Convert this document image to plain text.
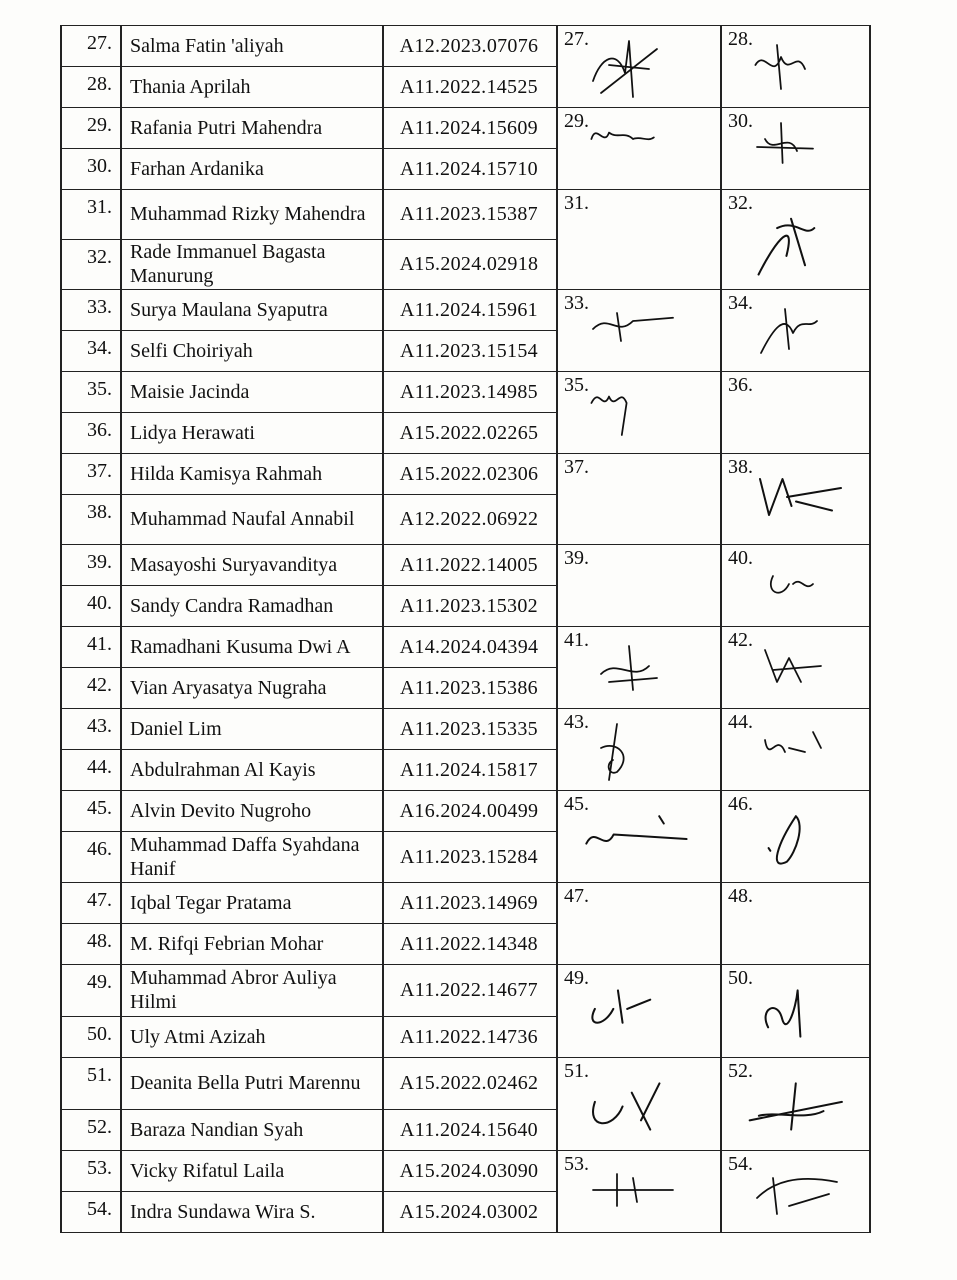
27. Salma Fatin 'aliyah	A12.2023.07076
28. Thania Aprilah	A11.2022.14525
29. Rafania Putri Mahendra	A11.2024.15609
30. Farhan Ardanika	A11.2024.15710
31. Muhammad Rizky Mahendra	A11.2023.15387
32. Rade Immanuel Bagasta Manurung
A15.2024.02918
33. Surya Maulana Syaputra	A11.2024.15961
34. Selfi Choiriyah	A11.2023.15154
35. Maisie Jacinda	A11.2023.14985
36. Lidya Herawati	A15.2022.02265
37. Hilda Kamisya Rahmah	A15.2022.02306
38. Muhammad Naufal Annabil	A12.2022.06922
39. Masayoshi Suryavanditya	A11.2022.14005
40. Sandy Candra Ramadhan	A11.2023.15302
41. Ramadhani Kusuma Dwi A	A14.2024.04394
42. Vian Aryasatya Nugraha	A11.2023.15386
43. Daniel Lim	A11.2023.15335
44. Abdulrahman Al Kayis	A11.2024.15817
45. Alvin Devito Nugroho	A16.2024.00499
46. Muhammad Daffa Syahdana Hanif
A11.2023.15284
47. Iqbal Tegar Pratama	A11.2023.14969
48. M. Rifqi Febrian Mohar	A11.2022.14348
49. Muhammad Abror Auliya Hilmi
A11.2022.14677
50. Uly Atmi Azizah	A11.2022.14736
51. Deanita Bella Putri Marennu	A15.2022.02462
52. Baraza Nandian Syah	A11.2024.15640
53. Vicky Rifatul Laila	A15.2024.03090
54. Indra Sundawa Wira S.	A15.2024.03002
27.	28.
29.	30.
31.	32.
33.	34.
35.	36.
37.	38.
39.	40.
41.	42.
43.	44.
45.	46.
47.	48.
49.	50.
51.	52.
53.	54.
